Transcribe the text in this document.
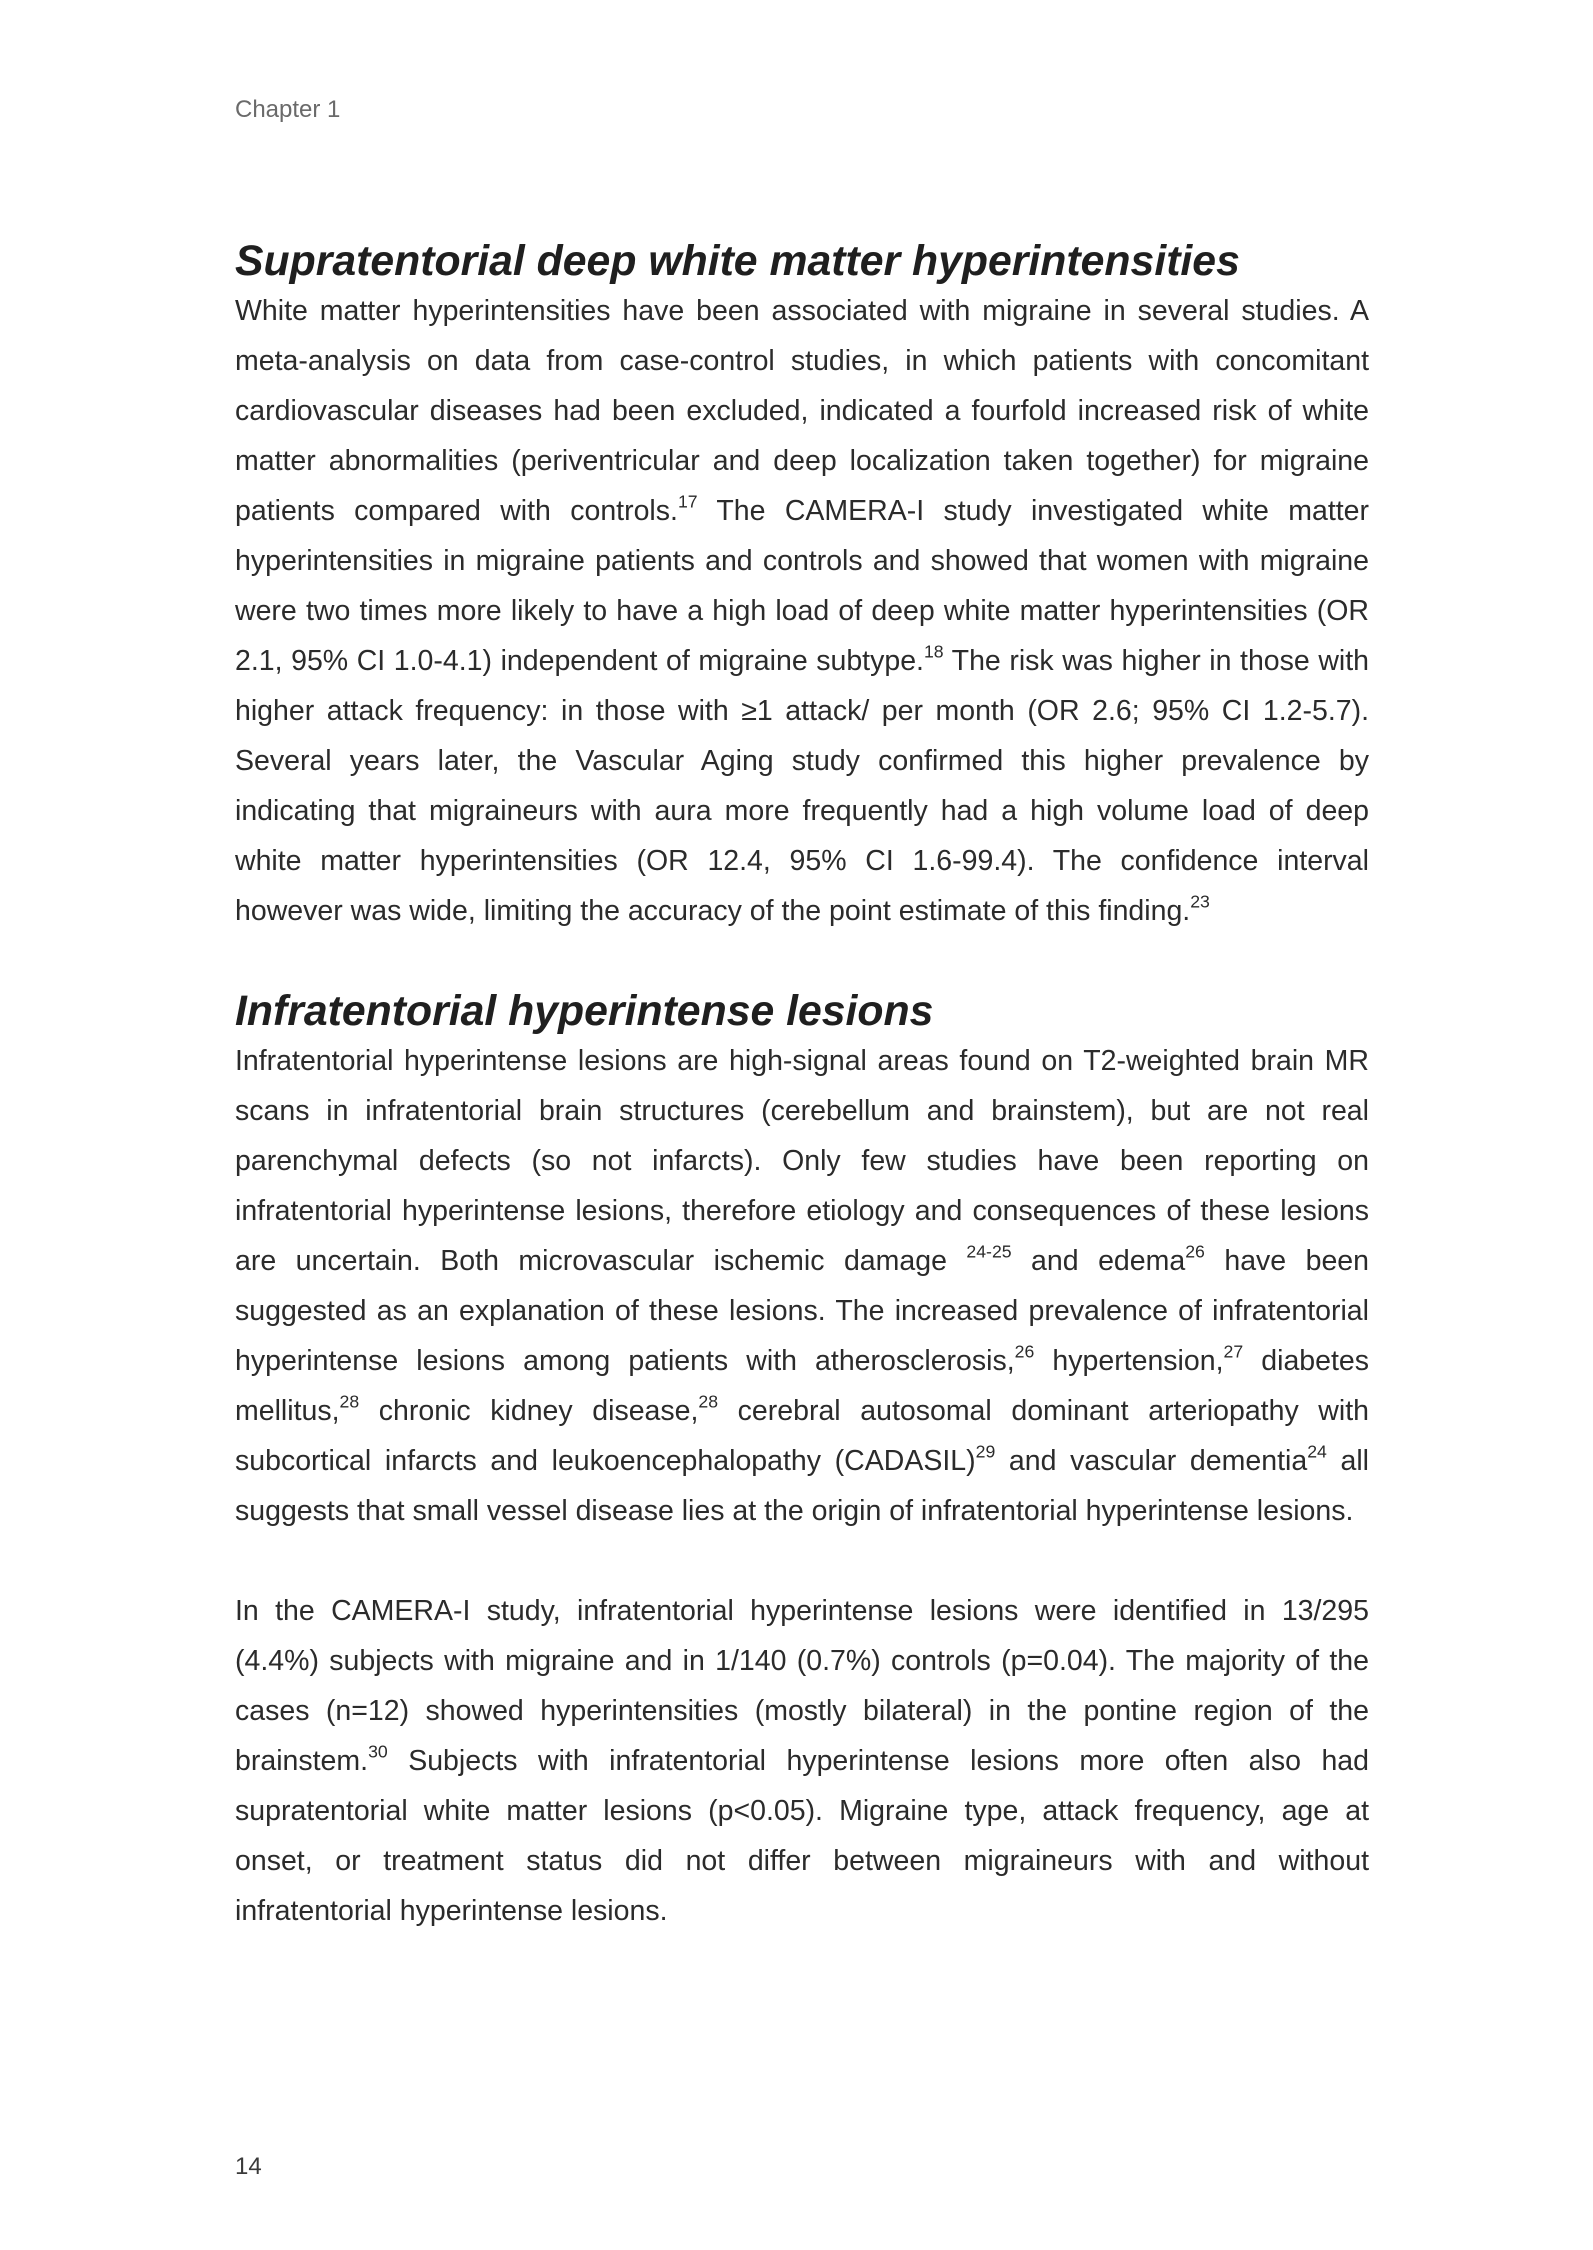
Chapter 1
Supratentorial deep white matter hyperintensities

White matter hyperintensities have been associated with migraine in several studies. A meta-analysis on data from case-control studies, in which patients with concomitant cardiovascular diseases had been excluded, indicated a fourfold increased risk of white matter abnormalities (periventricular and deep localization taken together) for migraine patients compared with controls.$^{17}$ The CAMERA-I study investigated white matter hyperintensities in migraine patients and controls and showed that women with migraine were two times more likely to have a high load of deep white matter hyperintensities (OR 2.1, 95% CI 1.0-4.1) independent of migraine subtype.$^{18}$ The risk was higher in those with higher attack frequency: in those with ≥1 attack/ per month (OR 2.6; 95% CI 1.2-5.7). Several years later, the Vascular Aging study confirmed this higher prevalence by indicating that migraineurs with aura more frequently had a high volume load of deep white matter hyperintensities (OR 12.4, 95% CI 1.6-99.4). The confidence interval however was wide, limiting the accuracy of the point estimate of this finding.$^{23}$

Infratentorial hyperintense lesions

Infratentorial hyperintense lesions are high-signal areas found on T2-weighted brain MR scans in infratentorial brain structures (cerebellum and brainstem), but are not real parenchymal defects (so not infarcts). Only few studies have been reporting on infratentorial hyperintense lesions, therefore etiology and consequences of these lesions are uncertain. Both microvascular ischemic damage $^{24-25}$ and edema$^{26}$ have been suggested as an explanation of these lesions. The increased prevalence of infratentorial hyperintense lesions among patients with atherosclerosis,$^{26}$ hypertension,$^{27}$ diabetes mellitus,$^{28}$ chronic kidney disease,$^{28}$ cerebral autosomal dominant arteriopathy with subcortical infarcts and leukoencephalopathy (CADASIL)$^{29}$ and vascular dementia$^{24}$ all suggests that small vessel disease lies at the origin of infratentorial hyperintense lesions.

In the CAMERA-I study, infratentorial hyperintense lesions were identified in 13/295 (4.4%) subjects with migraine and in 1/140 (0.7%) controls (p=0.04). The majority of the cases (n=12) showed hyperintensities (mostly bilateral) in the pontine region of the brainstem.$^{30}$ Subjects with infratentorial hyperintense lesions more often also had supratentorial white matter lesions (p<0.05). Migraine type, attack frequency, age at onset, or treatment status did not differ between migraineurs with and without infratentorial hyperintense lesions.

14
